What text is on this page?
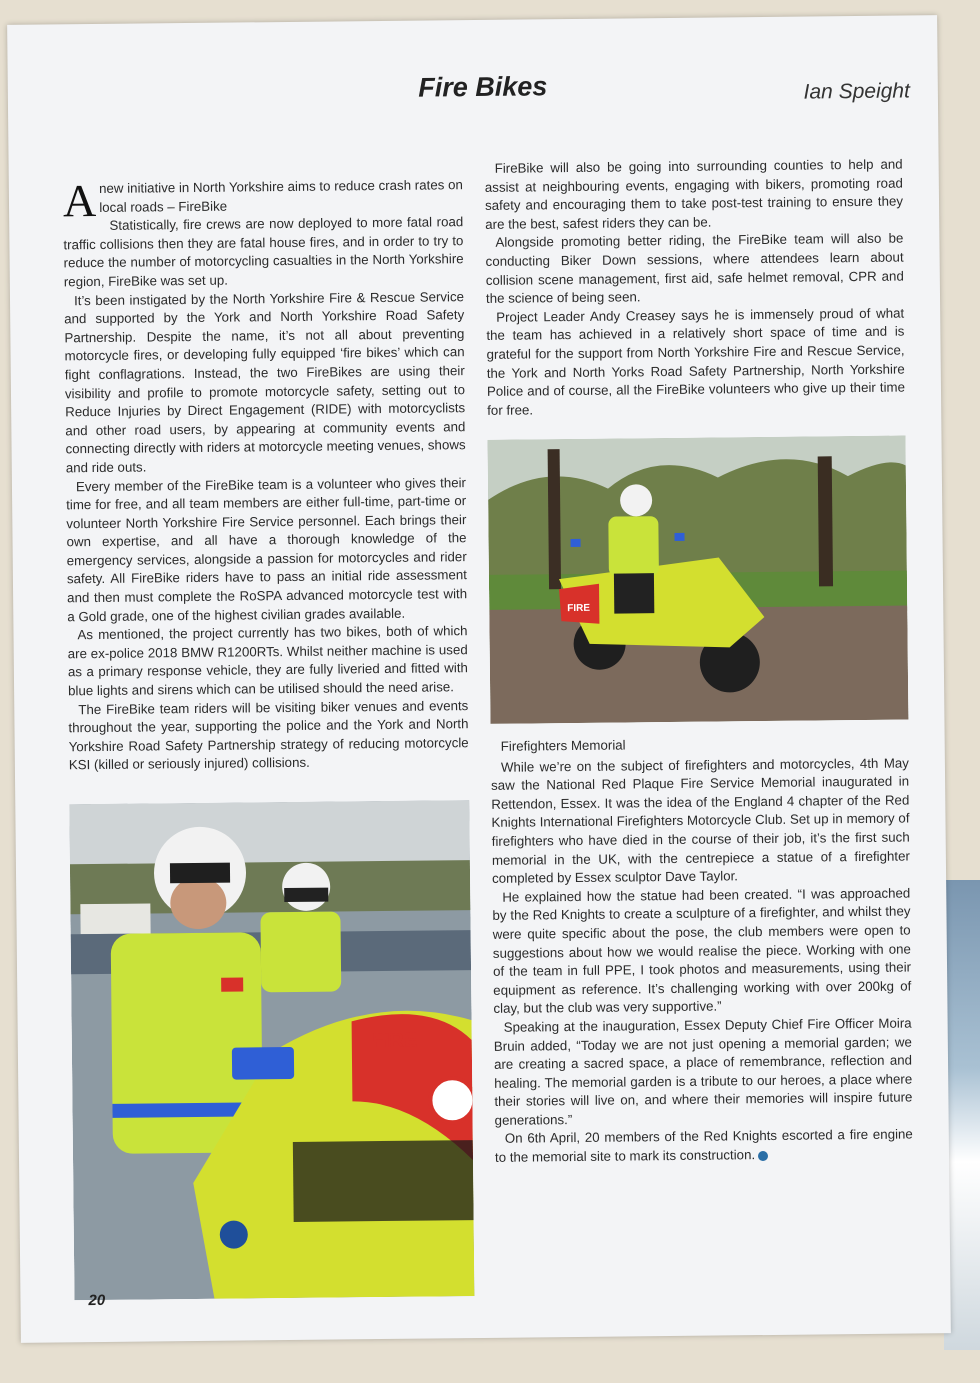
Fire Bikes	Ian Speight

Anew initiative in North Yorkshire aims to reduce crash rates on local roads – FireBike

Statistically, fire crews are now deployed to more fatal road traffic collisions then they are fatal house fires, and in order to try to reduce the number of motorcycling casualties in the North Yorkshire region, FireBike was set up.

It’s been instigated by the North Yorkshire Fire & Rescue Service and supported by the York and North Yorkshire Road Safety Partnership. Despite the name, it’s not all about preventing motorcycle fires, or developing fully equipped ‘fire bikes’ which can fight conflagrations. Instead, the two FireBikes are using their visibility and profile to promote motorcycle safety, setting out to Reduce Injuries by Direct Engagement (RIDE) with motorcyclists and other road users, by appearing at community events and connecting directly with riders at motorcycle meeting venues, shows and ride outs.

Every member of the FireBike team is a volunteer who gives their time for free, and all team members are either full-time, part-time or volunteer North Yorkshire Fire Service personnel. Each brings their own expertise, and all have a thorough knowledge of the emergency services, alongside a passion for motorcycles and rider safety. All FireBike riders have to pass an initial ride assessment and then must complete the RoSPA advanced motorcycle test with a Gold grade, one of the highest civilian grades available.

As mentioned, the project currently has two bikes, both of which are ex-police 2018 BMW R1200RTs. Whilst neither machine is used as a primary response vehicle, they are fully liveried and fitted with blue lights and sirens which can be utilised should the need arise.

The FireBike team riders will be visiting biker venues and events throughout the year, supporting the police and the York and North Yorkshire Road Safety Partnership strategy of reducing motorcycle KSI (killed or seriously injured) collisions.

FireBike will also be going into surrounding counties to help and assist at neighbouring events, engaging with bikers, promoting road safety and encouraging them to take post-test training to ensure they are the best, safest riders they can be.

Alongside promoting better riding, the FireBike team will also be conducting Biker Down sessions, where attendees learn about collision scene management, first aid, safe helmet removal, CPR and the science of being seen.

Project Leader Andy Creasey says he is immensely proud of what the team has achieved in a relatively short space of time and is grateful for the support from North Yorkshire Fire and Rescue Service, the York and North Yorks Road Safety Partnership, North Yorkshire Police and of course, all the FireBike volunteers who give up their time for free.

FIRE
Firefighters Memorial

While we’re on the subject of firefighters and motorcycles, 4th May saw the National Red Plaque Fire Service Memorial inaugurated in Rettendon, Essex. It was the idea of the England 4 chapter of the Red Knights International Firefighters Motorcycle Club. Set up in memory of firefighters who have died in the course of their job, it’s the first such memorial in the UK, with the centrepiece a statue of a firefighter completed by Essex sculptor Dave Taylor.

He explained how the statue had been created. “I was approached by the Red Knights to create a sculpture of a firefighter, and whilst they were quite specific about the pose, the club members were open to suggestions about how we would realise the piece. Working with one of the team in full PPE, I took photos and measurements, using their equipment as reference. It’s challenging working with over 200kg of clay, but the club was very supportive.”

Speaking at the inauguration, Essex Deputy Chief Fire Officer Moira Bruin added, “Today we are not just opening a memorial garden; we are creating a sacred space, a place of remembrance, reflection and healing. The memorial garden is a tribute to our heroes, a place where their stories will live on, and where their memories will inspire future generations.”

On 6th April, 20 members of the Red Knights escorted a fire engine to the memorial site to mark its construction.

FIRE
20
